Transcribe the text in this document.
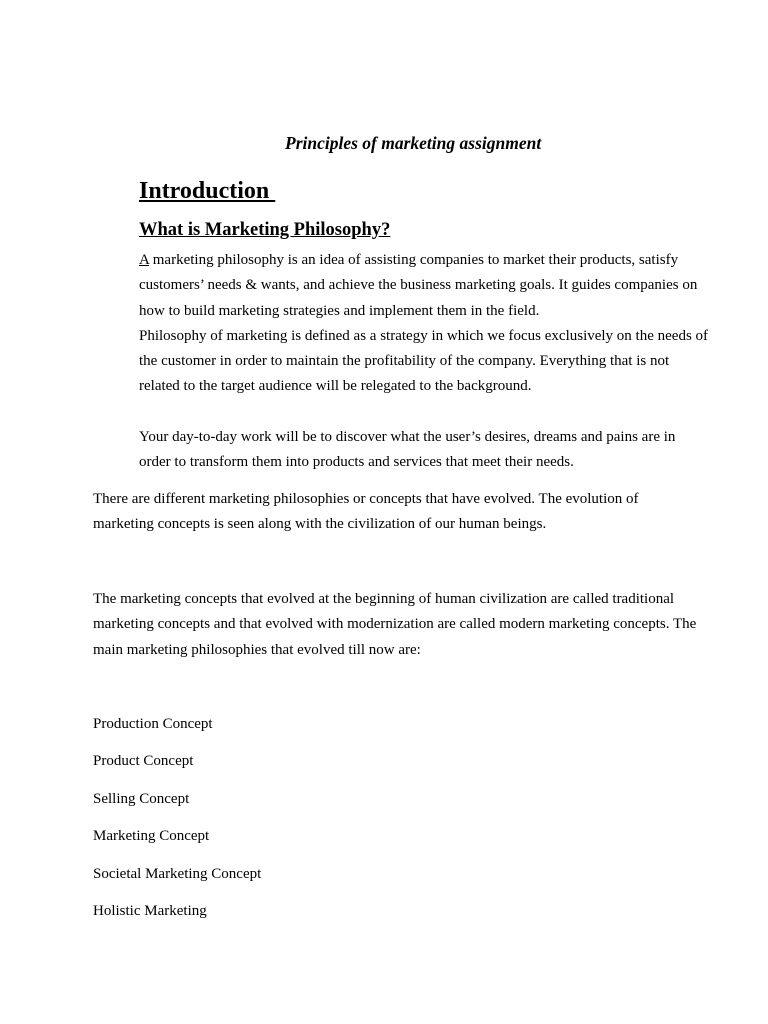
Principles of marketing assignment
Introduction
What is Marketing Philosophy?

A marketing philosophy is an idea of assisting companies to market their products, satisfy customers’ needs & wants, and achieve the business marketing goals. It guides companies on how to build marketing strategies and implement them in the field.

Philosophy of marketing is defined as a strategy in which we focus exclusively on the needs of the customer in order to maintain the profitability of the company. Everything that is not related to the target audience will be relegated to the background.

Your day-to-day work will be to discover what the user’s desires, dreams and pains are in order to transform them into products and services that meet their needs.

There are different marketing philosophies or concepts that have evolved. The evolution of marketing concepts is seen along with the civilization of our human beings.

The marketing concepts that evolved at the beginning of human civilization are called traditional marketing concepts and that evolved with modernization are called modern marketing concepts. The main marketing philosophies that evolved till now are:

Production Concept
Product Concept
Selling Concept
Marketing Concept
Societal Marketing Concept
Holistic Marketing
